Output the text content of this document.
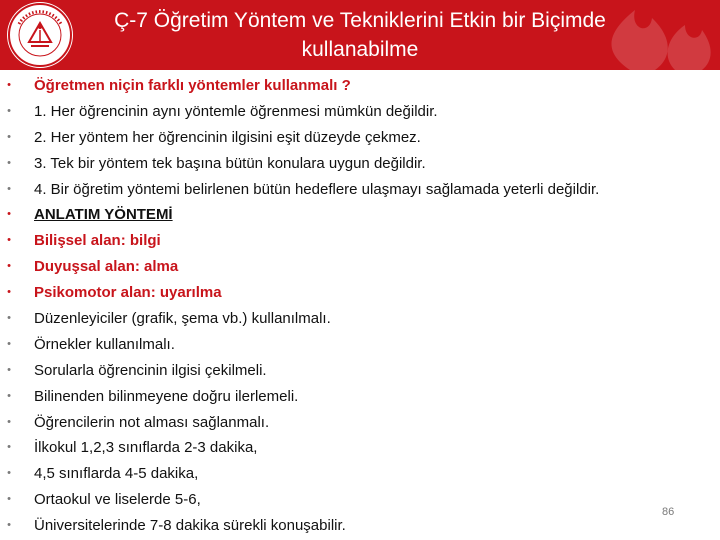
Ç-7 Öğretim Yöntem ve Tekniklerini Etkin bir Biçimde kullanabilme
• Öğretmen niçin farklı yöntemler kullanmalı ?
• 1. Her öğrencinin aynı yöntemle öğrenmesi mümkün değildir.
• 2. Her yöntem her öğrencinin ilgisini eşit düzeyde çekmez.
• 3. Tek bir yöntem tek başına bütün konulara uygun değildir.
• 4. Bir öğretim yöntemi belirlenen bütün hedeflere ulaşmayı sağlamada yeterli değildir.
• ANLATIM YÖNTEMİ
• Bilişsel alan: bilgi
• Duyuşsal alan: alma
• Psikomotor alan: uyarılma
• Düzenleyiciler (grafik, şema vb.) kullanılmalı.
• Örnekler kullanılmalı.
• Sorularla öğrencinin ilgisi çekilmeli.
• Bilinenden bilinmeyene doğru ilerlemeli.
• Öğrencilerin not alması sağlanmalı.
• İlkokul 1,2,3 sınıflarda 2-3 dakika,
• 4,5 sınıflarda 4-5 dakika,
• Ortaokul ve liselerde 5-6,
• Üniversitelerinde 7-8 dakika sürekli konuşabilir.
86
